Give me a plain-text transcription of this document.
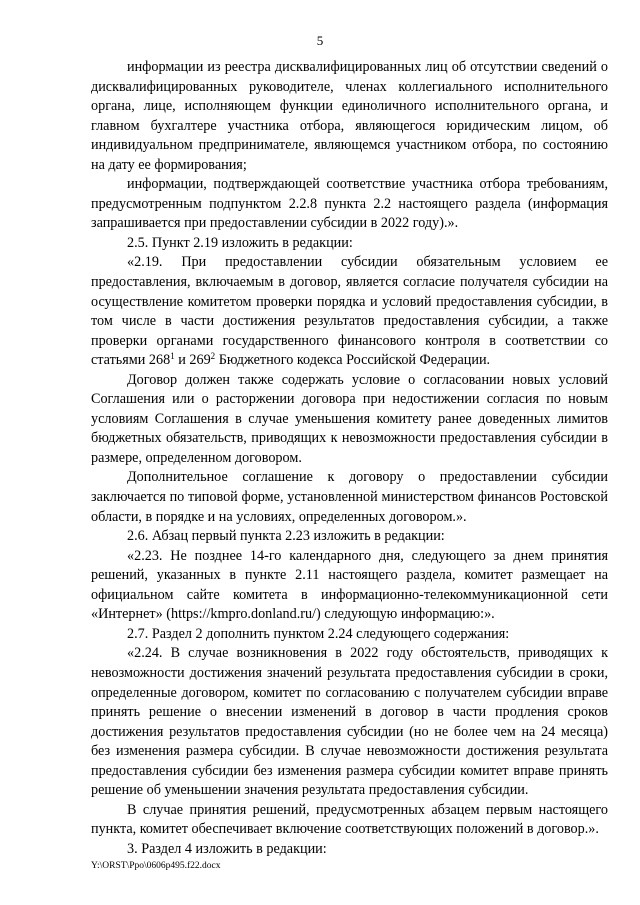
5

информации из реестра дисквалифицированных лиц об отсутствии сведений о дисквалифицированных руководителе, членах коллегиального исполнительного органа, лице, исполняющем функции единоличного исполнительного органа, и главном бухгалтере участника отбора, являющегося юридическим лицом, об индивидуальном предпринимателе, являющемся участником отбора, по состоянию на дату ее формирования;

информации, подтверждающей соответствие участника отбора требованиям, предусмотренным подпунктом 2.2.8 пункта 2.2 настоящего раздела (информация запрашивается при предоставлении субсидии в 2022 году).».

2.5. Пункт 2.19 изложить в редакции:

«2.19. При предоставлении субсидии обязательным условием ее предоставления, включаемым в договор, является согласие получателя субсидии на осуществление комитетом проверки порядка и условий предоставления субсидии, в том числе в части достижения результатов предоставления субсидии, а также проверки органами государственного финансового контроля в соответствии со статьями $268^1$ и $269^2$ Бюджетного кодекса Российской Федерации.

Договор должен также содержать условие о согласовании новых условий Соглашения или о расторжении договора при недостижении согласия по новым условиям Соглашения в случае уменьшения комитету ранее доведенных лимитов бюджетных обязательств, приводящих к невозможности предоставления субсидии в размере, определенном договором.

Дополнительное соглашение к договору о предоставлении субсидии заключается по типовой форме, установленной министерством финансов Ростовской области, в порядке и на условиях, определенных договором.».

2.6. Абзац первый пункта 2.23 изложить в редакции:

«2.23. Не позднее 14-го календарного дня, следующего за днем принятия решений, указанных в пункте 2.11 настоящего раздела, комитет размещает на официальном сайте комитета в информационно-телекоммуникационной сети «Интернет» (https://kmpro.donland.ru/) следующую информацию:».

2.7. Раздел 2 дополнить пунктом 2.24 следующего содержания:

«2.24. В случае возникновения в 2022 году обстоятельств, приводящих к невозможности достижения значений результата предоставления субсидии в сроки, определенные договором, комитет по согласованию с получателем субсидии вправе принять решение о внесении изменений в договор в части продления сроков достижения результатов предоставления субсидии (но не более чем на 24 месяца) без изменения размера субсидии. В случае невозможности достижения результата предоставления субсидии без изменения размера субсидии комитет вправе принять решение об уменьшении значения результата предоставления субсидии.

В случае принятия решений, предусмотренных абзацем первым настоящего пункта, комитет обеспечивает включение соответствующих положений в договор.».

3. Раздел 4 изложить в редакции:

Y:\ORST\Ppo\0606p495.f22.docx
